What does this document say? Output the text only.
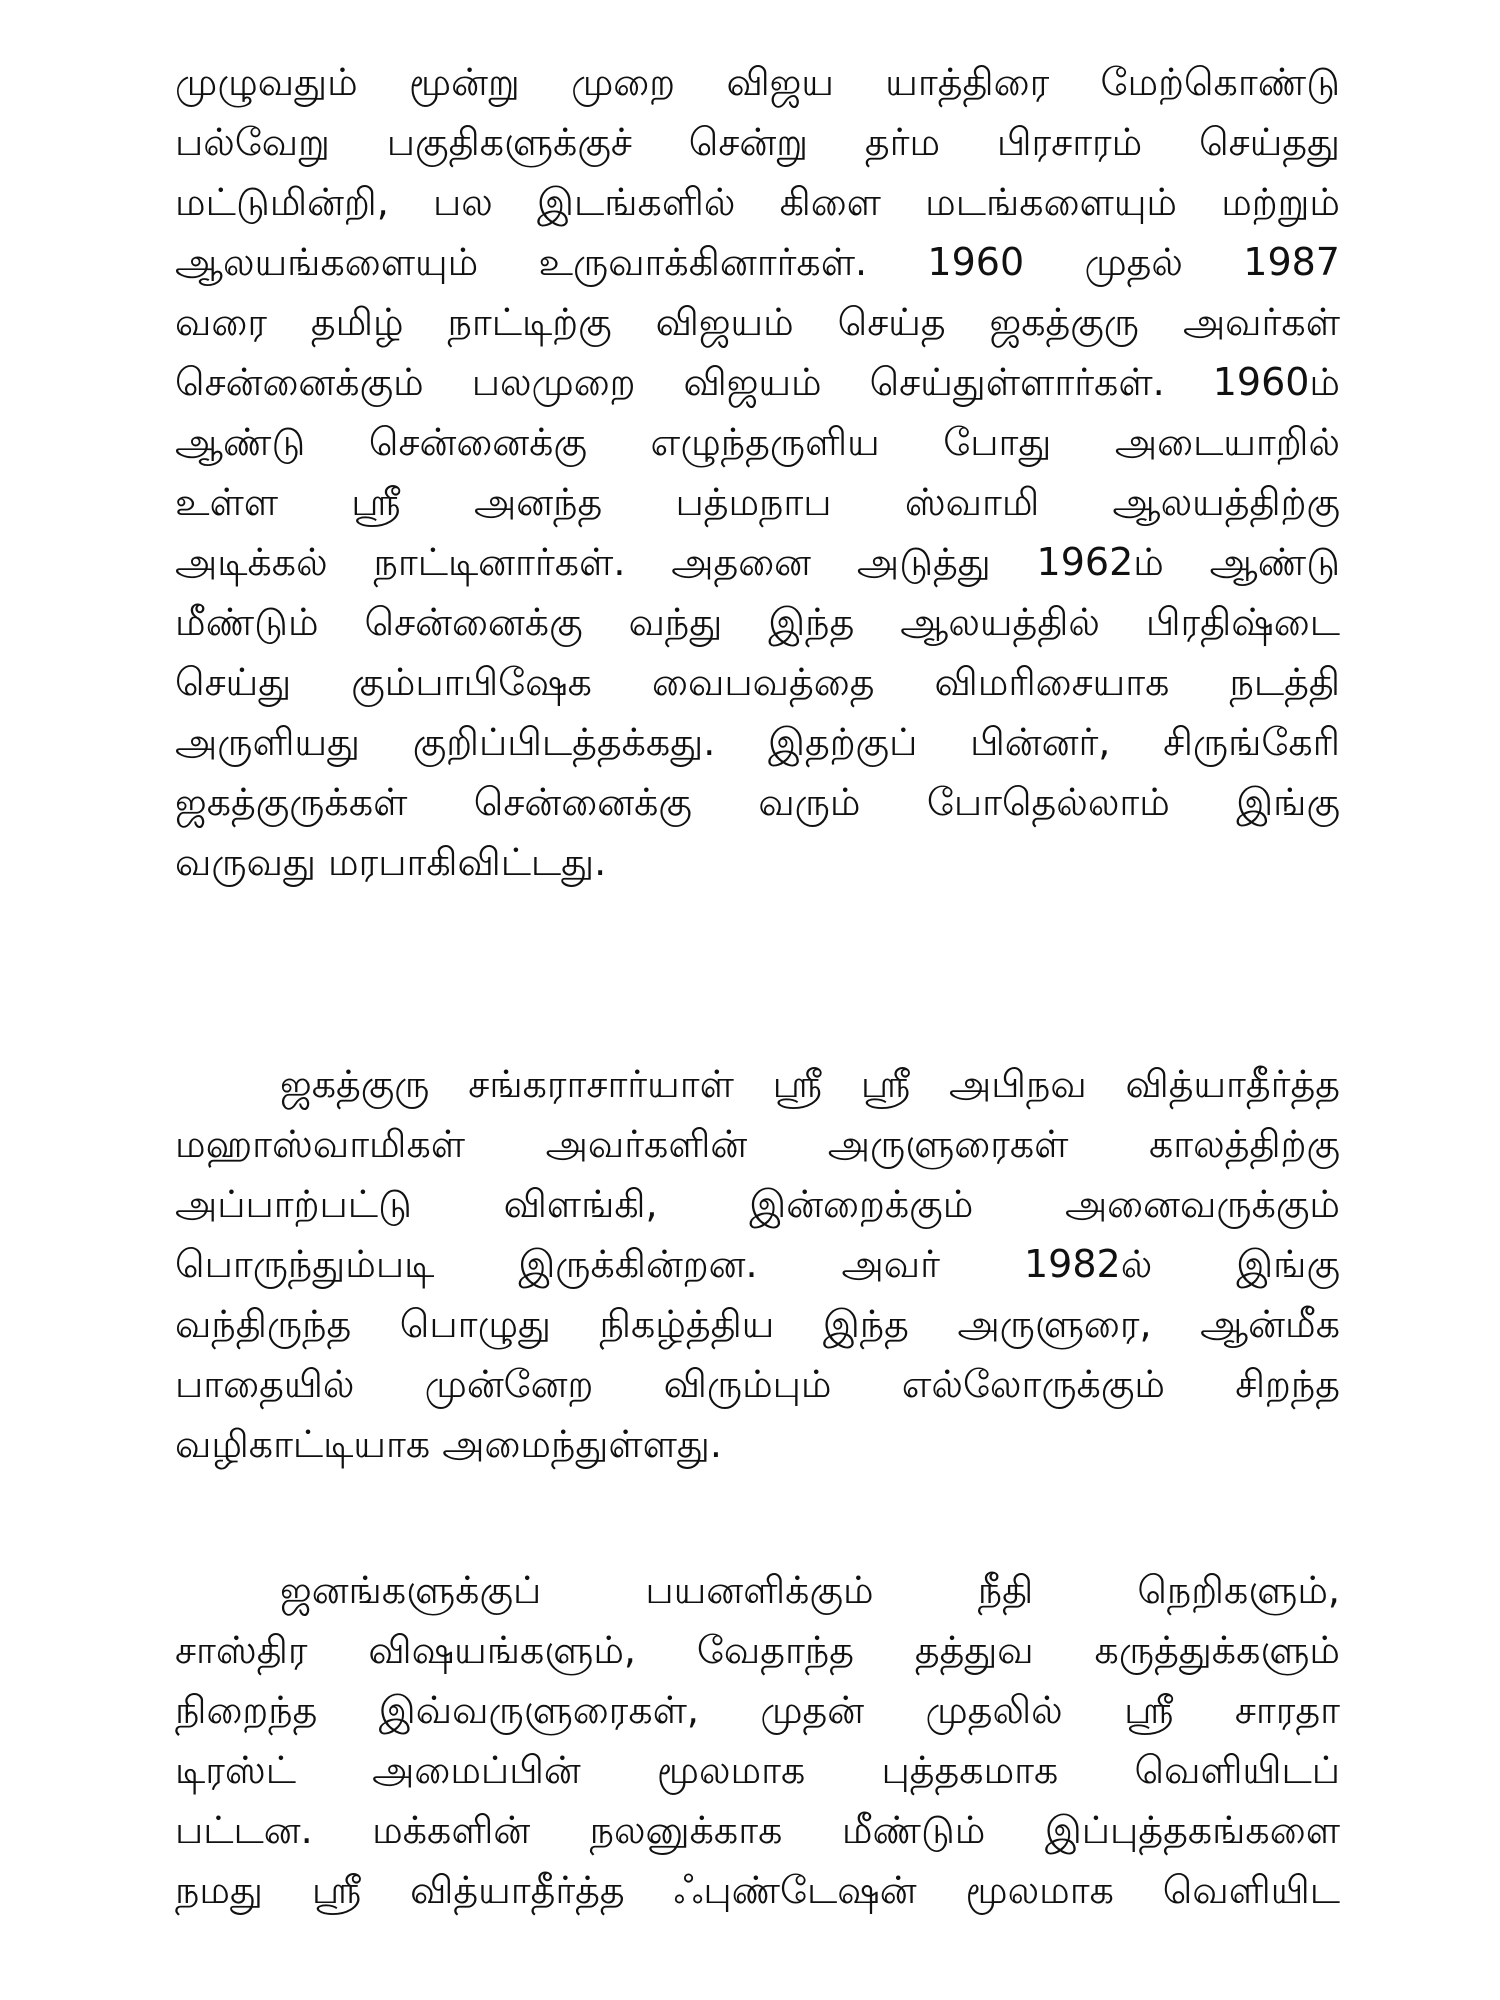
முழுவதும் மூன்று முறை விஜய யாத்திரை மேற்கொண்டு
பல்வேறு பகுதிகளுக்குச் சென்று தர்ம பிரசாரம் செய்தது
மட்டுமின்றி, பல இடங்களில் கிளை மடங்களையும் மற்றும்
ஆலயங்களையும் உருவாக்கினார்கள். 1960 முதல் 1987
வரை தமிழ் நாட்டிற்கு விஜயம் செய்த ஜகத்குரு அவர்கள்
சென்னைக்கும் பலமுறை விஜயம் செய்துள்ளார்கள். 1960ம்
ஆண்டு சென்னைக்கு எழுந்தருளிய போது அடையாறில்
உள்ள ஸ்ரீ அனந்த பத்மநாப ஸ்வாமி ஆலயத்திற்கு
அடிக்கல் நாட்டினார்கள். அதனை அடுத்து 1962ம் ஆண்டு
மீண்டும் சென்னைக்கு வந்து இந்த ஆலயத்தில் பிரதிஷ்டை
செய்து கும்பாபிஷேக வைபவத்தை விமரிசையாக நடத்தி
அருளியது குறிப்பிடத்தக்கது. இதற்குப் பின்னர், சிருங்கேரி
ஜகத்குருக்கள் சென்னைக்கு வரும் போதெல்லாம் இங்கு
வருவது மரபாகிவிட்டது.
ஜகத்குரு சங்கராசார்யாள் ஸ்ரீ ஸ்ரீ அபிநவ வித்யாதீர்த்த
மஹாஸ்வாமிகள் அவர்களின் அருளுரைகள் காலத்திற்கு
அப்பாற்பட்டு விளங்கி, இன்றைக்கும் அனைவருக்கும்
பொருந்தும்படி இருக்கின்றன. அவர் 1982ல் இங்கு
வந்திருந்த பொழுது நிகழ்த்திய இந்த அருளுரை, ஆன்மீக
பாதையில் முன்னேற விரும்பும் எல்லோருக்கும் சிறந்த
வழிகாட்டியாக அமைந்துள்ளது.
ஜனங்களுக்குப் பயனளிக்கும் நீதி நெறிகளும்,
சாஸ்திர விஷயங்களும், வேதாந்த தத்துவ கருத்துக்களும்
நிறைந்த இவ்வருளுரைகள், முதன் முதலில் ஸ்ரீ சாரதா
டிரஸ்ட் அமைப்பின் மூலமாக புத்தகமாக வெளியிடப்
பட்டன. மக்களின் நலனுக்காக மீண்டும் இப்புத்தகங்களை
நமது ஸ்ரீ வித்யாதீர்த்த ஃபுண்டேஷன் மூலமாக வெளியிட
